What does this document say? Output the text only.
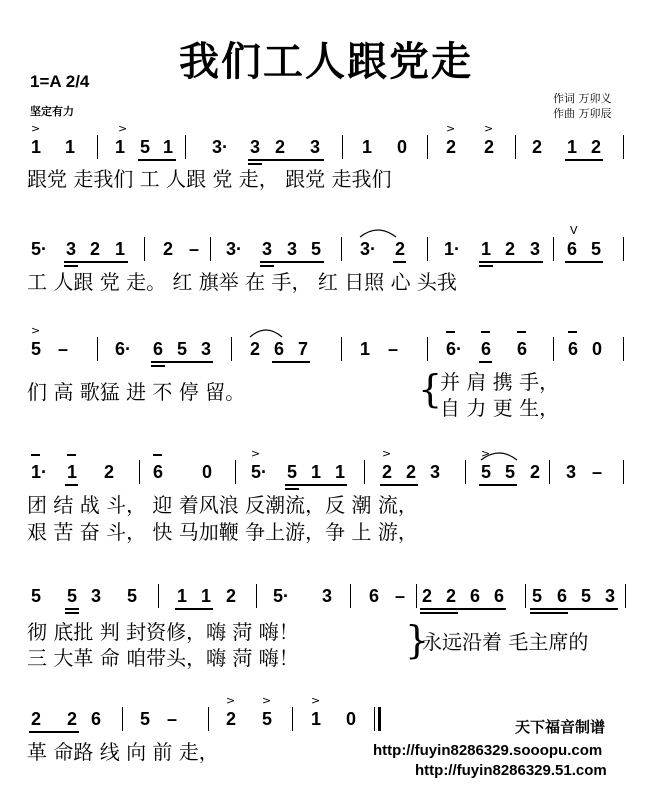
我们工人跟党走
1=A 2/4
坚定有力
作词 万卯义
作曲 万卯辰
>	>	>	>
1 1 1 5 1 3· 3 2 3 1 0 2 2 2 1 2
跟党 走我们 工 人跟 党 走， 跟党 走我们
V
5· 3 2 1 2 – 3· 3 3 5 3· 2 1· 1 2 3 6 5
工 人跟 党 走。 红 旗举 在 手， 红 日照 心 头我
>
5 –	6· 6 5 3 2 6 7	1 –	6· 6 6 6 0
们 高 歌猛 进 不 停 留。	{
并 肩 携 手，
自 力 更 生，
>	>	>
1· 1 2 6 0 5· 5 1 1 2 2 3 5 5 2 3 –
团 结 战 斗， 迎 着风浪 反潮流，反 潮 流，
艰 苦 奋 斗， 快 马加鞭 争上游，争 上 游，
5 5 3 5 1 1 2 5· 3 6 – 2 2 6 6 5 6 5 3
彻 底批 判 封资修，嗨 菏 嗨！
三 大革 命 咱带头，嗨 菏 嗨！	}
永远沿着 毛主席的
> >	>
2 2 6 5 –	2 5 1 0
革 命路 线 向 前 走，
天下福音制谱
http://fuyin8286329.sooopu.com
http://fuyin8286329.51.com
